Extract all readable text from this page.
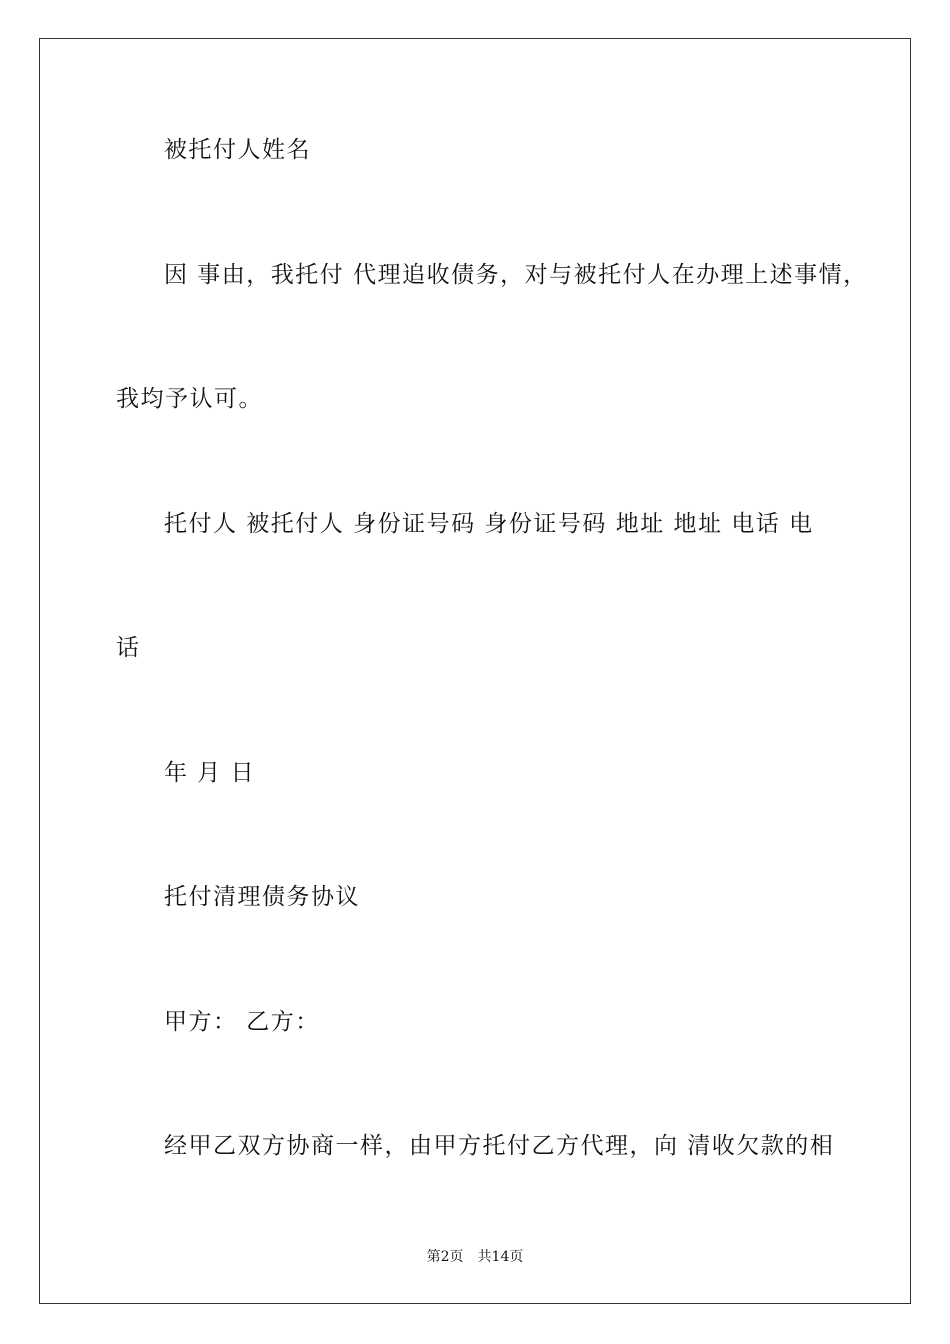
被托付人姓名
因 事由，我托付 代理追收债务，对与被托付人在办理上述事情，
我均予认可。
托付人 被托付人 身份证号码 身份证号码 地址 地址 电话 电
话
年 月 日
托付清理债务协议
甲方： 乙方：
经甲乙双方协商一样，由甲方托付乙方代理，向 清收欠款的相
第2页 共14页
